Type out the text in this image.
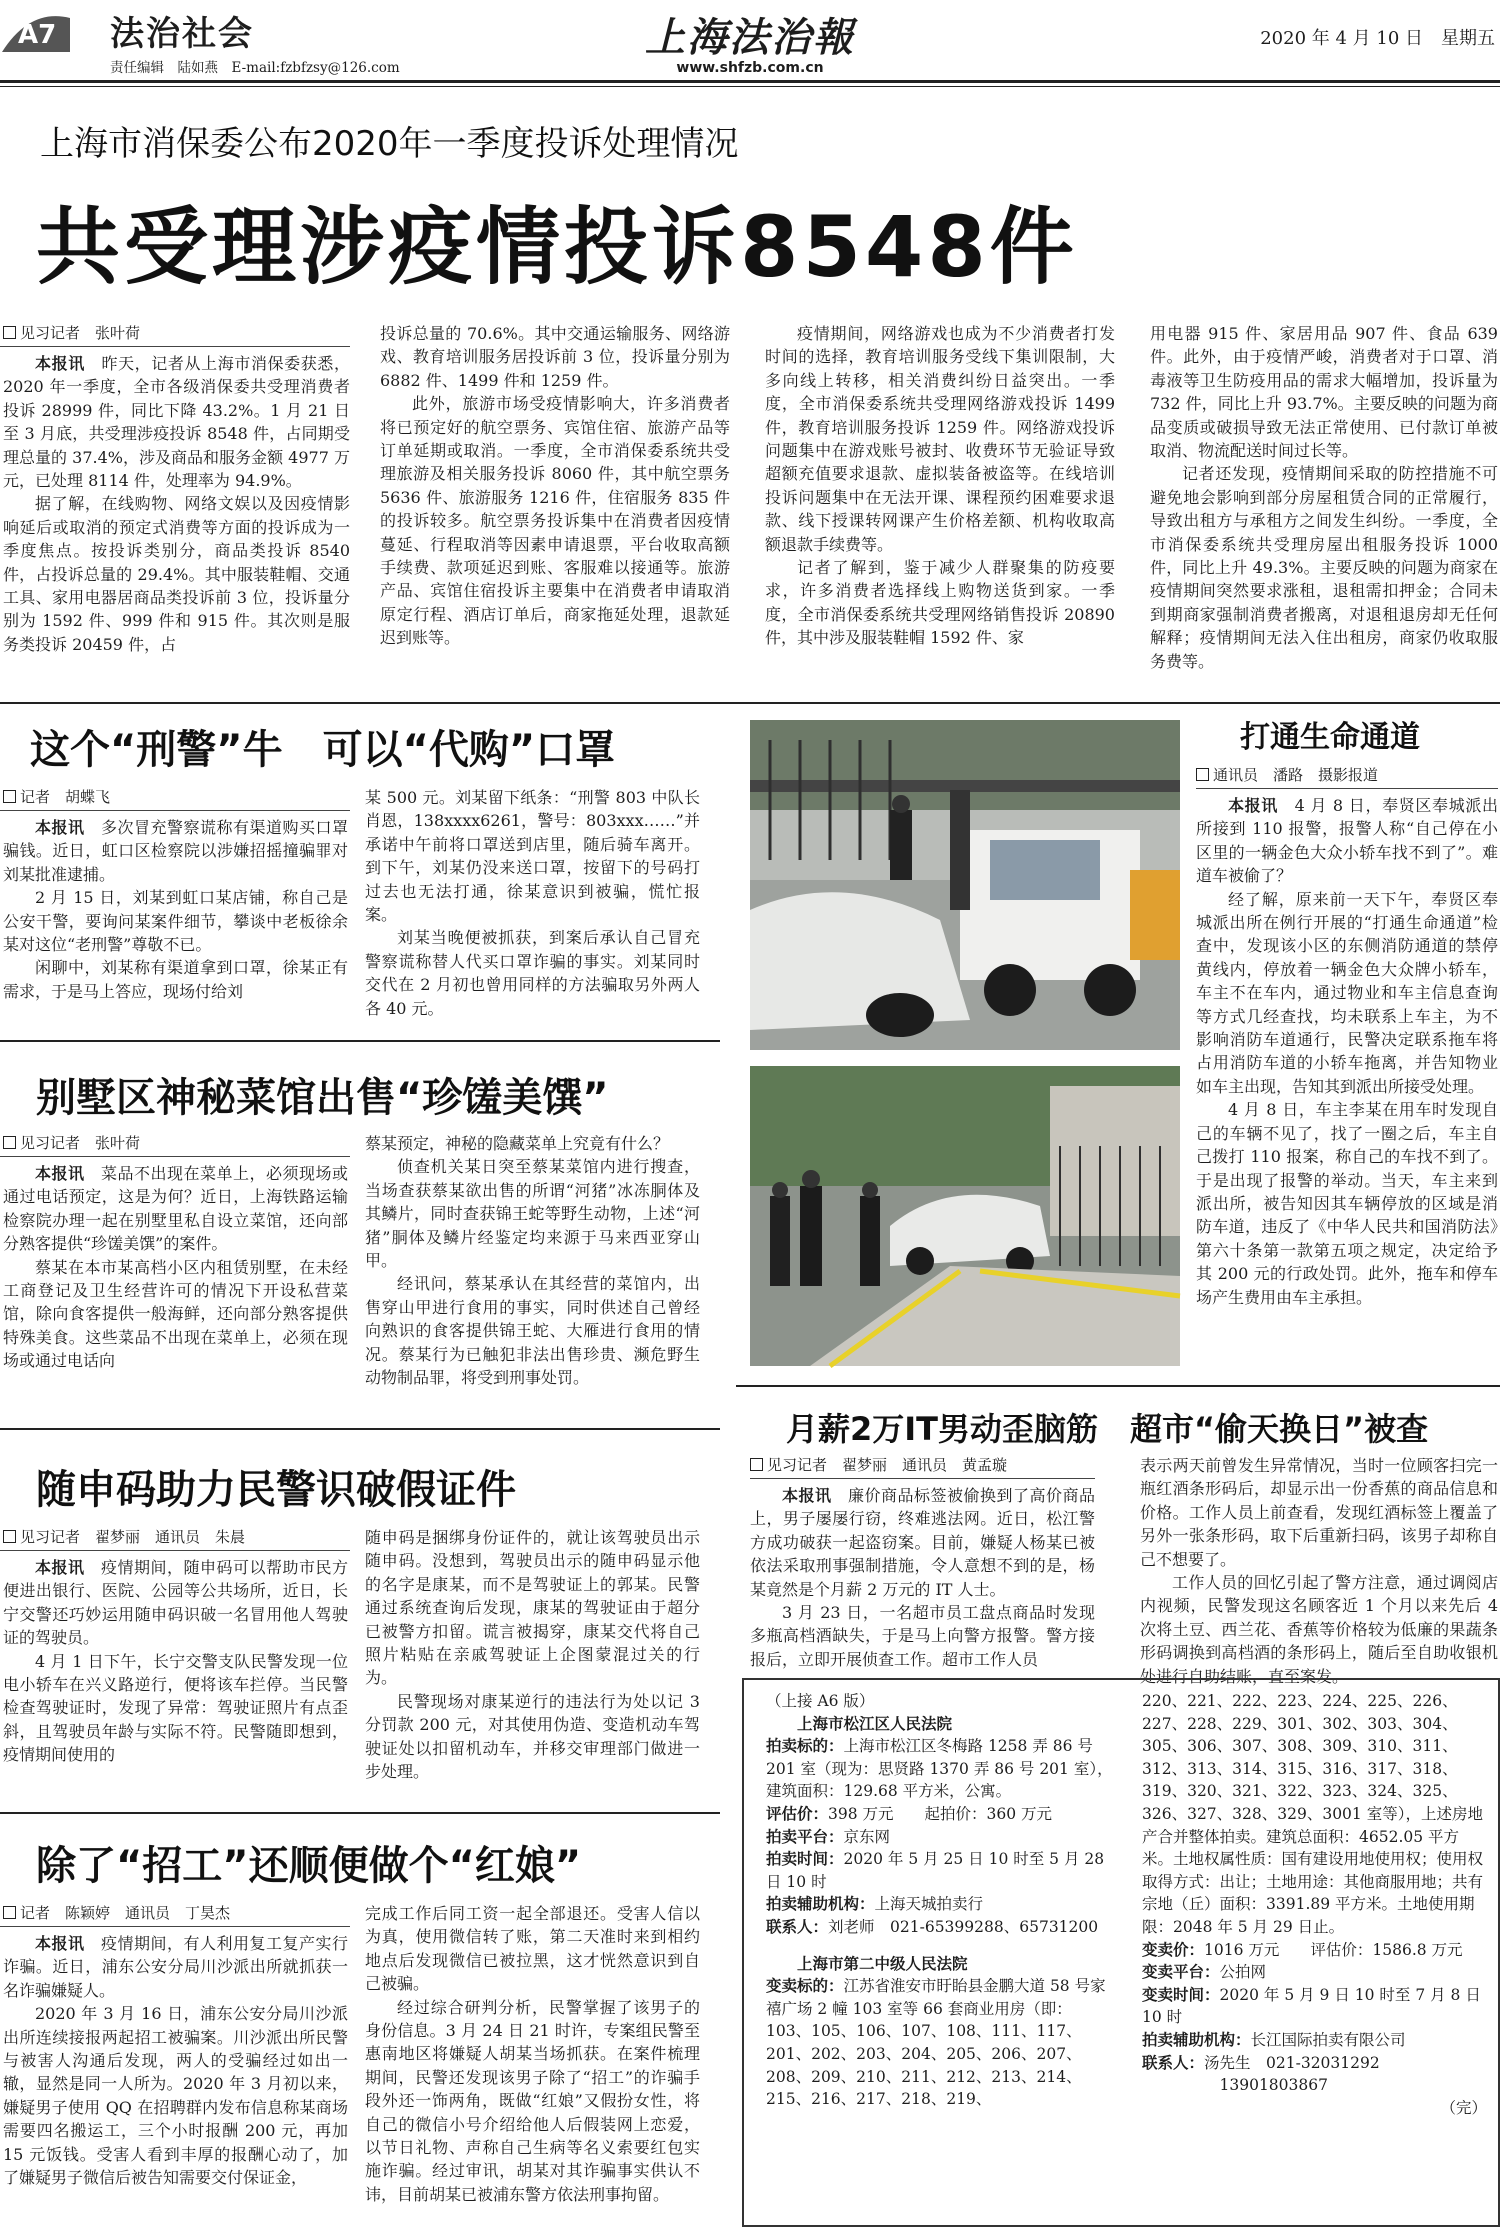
A7 法治社会
责任编辑　陆如燕　E-mail:fzbfzsy@126.com
上海法治報
www.shfzb.com.cn
2020 年 4 月 10 日　星期五
上海市消保委公布2020年一季度投诉处理情况
共受理涉疫情投诉8548件
见习记者　张叶荷

本报讯　昨天，记者从上海市消保委获悉，2020 年一季度，全市各级消保委共受理消费者投诉 28999 件，同比下降 43.2%。1 月 21 日至 3 月底，共受理涉疫投诉 8548 件，占同期受理总量的 37.4%，涉及商品和服务金额 4977 万元，已处理 8114 件，处理率为 94.9%。

据了解，在线购物、网络文娱以及因疫情影响延后或取消的预定式消费等方面的投诉成为一季度焦点。按投诉类别分，商品类投诉 8540 件，占投诉总量的 29.4%。其中服装鞋帽、交通工具、家用电器居商品类投诉前 3 位，投诉量分别为 1592 件、999 件和 915 件。其次则是服务类投诉 20459 件，占

投诉总量的 70.6%。其中交通运输服务、网络游戏、教育培训服务居投诉前 3 位，投诉量分别为 6882 件、1499 件和 1259 件。

此外，旅游市场受疫情影响大，许多消费者将已预定好的航空票务、宾馆住宿、旅游产品等订单延期或取消。一季度，全市消保委系统共受理旅游及相关服务投诉 8060 件，其中航空票务 5636 件、旅游服务 1216 件，住宿服务 835 件的投诉较多。航空票务投诉集中在消费者因疫情蔓延、行程取消等因素申请退票，平台收取高额手续费、款项延迟到账、客服难以接通等。旅游产品、宾馆住宿投诉主要集中在消费者申请取消原定行程、酒店订单后，商家拖延处理，退款延迟到账等。

疫情期间，网络游戏也成为不少消费者打发时间的选择，教育培训服务受线下集训限制，大多向线上转移，相关消费纠纷日益突出。一季度，全市消保委系统共受理网络游戏投诉 1499 件，教育培训服务投诉 1259 件。网络游戏投诉问题集中在游戏账号被封、收费环节无验证导致超额充值要求退款、虚拟装备被盗等。在线培训投诉问题集中在无法开课、课程预约困难要求退款、线下授课转网课产生价格差额、机构收取高额退款手续费等。

记者了解到，鉴于减少人群聚集的防疫要求，许多消费者选择线上购物送货到家。一季度，全市消保委系统共受理网络销售投诉 20890 件，其中涉及服装鞋帽 1592 件、家

用电器 915 件、家居用品 907 件、食品 639 件。此外，由于疫情严峻，消费者对于口罩、消毒液等卫生防疫用品的需求大幅增加，投诉量为 732 件，同比上升 93.7%。主要反映的问题为商品变质或破损导致无法正常使用、已付款订单被取消、物流配送时间过长等。

记者还发现，疫情期间采取的防控措施不可避免地会影响到部分房屋租赁合同的正常履行，导致出租方与承租方之间发生纠纷。一季度，全市消保委系统共受理房屋出租服务投诉 1000 件，同比上升 49.3%。主要反映的问题为商家在疫情期间突然要求涨租，退租需扣押金；合同未到期商家强制消费者搬离，对退租退房却无任何解释；疫情期间无法入住出租房，商家仍收取服务费等。

这个“刑警”牛　可以“代购”口罩
记者　胡蝶飞

本报讯　多次冒充警察谎称有渠道购买口罩骗钱。近日，虹口区检察院以涉嫌招摇撞骗罪对刘某批准逮捕。

2 月 15 日，刘某到虹口某店铺，称自己是公安干警，要询问某案件细节，攀谈中老板徐余某对这位“老刑警”尊敬不已。

闲聊中，刘某称有渠道拿到口罩，徐某正有需求，于是马上答应，现场付给刘

某 500 元。刘某留下纸条：“刑警 803 中队长肖恩，138xxxx6261，警号：803xxx……”并承诺中午前将口罩送到店里，随后骑车离开。到下午，刘某仍没来送口罩，按留下的号码打过去也无法打通，徐某意识到被骗，慌忙报案。

刘某当晚便被抓获，到案后承认自己冒充警察谎称替人代买口罩诈骗的事实。刘某同时交代在 2 月初也曾用同样的方法骗取另外两人各 40 元。

别墅区神秘菜馆出售“珍馐美馔”
见习记者　张叶荷

本报讯　菜品不出现在菜单上，必须现场或通过电话预定，这是为何？近日，上海铁路运输检察院办理一起在别墅里私自设立菜馆，还向部分熟客提供“珍馐美馔”的案件。

蔡某在本市某高档小区内租赁别墅，在未经工商登记及卫生经营许可的情况下开设私营菜馆，除向食客提供一般海鲜，还向部分熟客提供特殊美食。这些菜品不出现在菜单上，必须在现场或通过电话向

蔡某预定，神秘的隐藏菜单上究竟有什么？

侦查机关某日突至蔡某菜馆内进行搜查，当场查获蔡某欲出售的所谓“河猪”冰冻胴体及其鳞片，同时查获锦王蛇等野生动物，上述“河猪”胴体及鳞片经鉴定均来源于马来西亚穿山甲。

经讯问，蔡某承认在其经营的菜馆内，出售穿山甲进行食用的事实，同时供述自己曾经向熟识的食客提供锦王蛇、大雁进行食用的情况。蔡某行为已触犯非法出售珍贵、濒危野生动物制品罪，将受到刑事处罚。

随申码助力民警识破假证件
见习记者　翟梦丽　通讯员　朱晨

本报讯　疫情期间，随申码可以帮助市民方便进出银行、医院、公园等公共场所，近日，长宁交警还巧妙运用随申码识破一名冒用他人驾驶证的驾驶员。

4 月 1 日下午，长宁交警支队民警发现一位电小轿车在兴义路逆行，便将该车拦停。当民警检查驾驶证时，发现了异常：驾驶证照片有点歪斜，且驾驶员年龄与实际不符。民警随即想到，疫情期间使用的

随申码是捆绑身份证件的，就让该驾驶员出示随申码。没想到，驾驶员出示的随申码显示他的名字是康某，而不是驾驶证上的郭某。民警通过系统查询后发现，康某的驾驶证由于超分已被警方扣留。谎言被揭穿，康某交代将自己照片粘贴在亲戚驾驶证上企图蒙混过关的行为。

民警现场对康某逆行的违法行为处以记 3 分罚款 200 元，对其使用伪造、变造机动车驾驶证处以扣留机动车，并移交审理部门做进一步处理。

除了“招工”还顺便做个“红娘”
记者　陈颖婷　通讯员　丁昊杰

本报讯　疫情期间，有人利用复工复产实行诈骗。近日，浦东公安分局川沙派出所就抓获一名诈骗嫌疑人。

2020 年 3 月 16 日，浦东公安分局川沙派出所连续接报两起招工被骗案。川沙派出所民警与被害人沟通后发现，两人的受骗经过如出一辙，显然是同一人所为。2020 年 3 月初以来，嫌疑男子使用 QQ 在招聘群内发布信息称某商场需要四名搬运工，三个小时报酬 200 元，再加 15 元饭钱。受害人看到丰厚的报酬心动了，加了嫌疑男子微信后被告知需要交付保证金，

完成工作后同工资一起全部退还。受害人信以为真，使用微信转了账，第二天准时来到相约地点后发现微信已被拉黑，这才恍然意识到自己被骗。

经过综合研判分析，民警掌握了该男子的身份信息。3 月 24 日 21 时许，专案组民警至惠南地区将嫌疑人胡某当场抓获。在案件梳理期间，民警还发现该男子除了“招工”的诈骗手段外还一饰两角，既做“红娘”又假扮女性，将自己的微信小号介绍给他人后假装网上恋爱，以节日礼物、声称自己生病等名义索要红包实施诈骗。经过审讯，胡某对其诈骗事实供认不讳，目前胡某已被浦东警方依法刑事拘留。

打通生命通道
通讯员　潘路　摄影报道

本报讯　4 月 8 日，奉贤区奉城派出所接到 110 报警，报警人称“自己停在小区里的一辆金色大众小轿车找不到了”。难道车被偷了？

经了解，原来前一天下午，奉贤区奉城派出所在例行开展的“打通生命通道”检查中，发现该小区的东侧消防通道的禁停黄线内，停放着一辆金色大众牌小轿车，车主不在车内，通过物业和车主信息查询等方式几经查找，均未联系上车主，为不影响消防车道通行，民警决定联系拖车将占用消防车道的小轿车拖离，并告知物业如车主出现，告知其到派出所接受处理。

4 月 8 日，车主李某在用车时发现自己的车辆不见了，找了一圈之后，车主自己拨打 110 报案，称自己的车找不到了。于是出现了报警的举动。当天，车主来到派出所，被告知因其车辆停放的区域是消防车道，违反了《中华人民共和国消防法》第六十条第一款第五项之规定，决定给予其 200 元的行政处罚。此外，拖车和停车场产生费用由车主承担。

月薪2万IT男动歪脑筋　超市“偷天换日”被查
见习记者　翟梦丽　通讯员　黄孟璇

本报讯　廉价商品标签被偷换到了高价商品上，男子屡屡行窃，终难逃法网。近日，松江警方成功破获一起盗窃案。目前，嫌疑人杨某已被依法采取刑事强制措施，令人意想不到的是，杨某竟然是个月薪 2 万元的 IT 人士。

3 月 23 日，一名超市员工盘点商品时发现多瓶高档酒缺失，于是马上向警方报警。警方接报后，立即开展侦查工作。超市工作人员

表示两天前曾发生异常情况，当时一位顾客扫完一瓶红酒条形码后，却显示出一份香蕉的商品信息和价格。工作人员上前查看，发现红酒标签上覆盖了另外一张条形码，取下后重新扫码，该男子却称自己不想要了。

工作人员的回忆引起了警方注意，通过调阅店内视频，民警发现这名顾客近 1 个月以来先后 4 次将土豆、西兰花、香蕉等价格较为低廉的果蔬条形码调换到高档酒的条形码上，随后至自助收银机处进行自助结账，直至案发。

（上接 A6 版）
上海市松江区人民法院
拍卖标的：上海市松江区冬梅路 1258 弄 86 号 201 室（现为：思贤路 1370 弄 86 号 201 室），建筑面积：129.68 平方米，公寓。
评估价：398 万元　　起拍价：360 万元
拍卖平台：京东网
拍卖时间：2020 年 5 月 25 日 10 时至 5 月 28 日 10 时
拍卖辅助机构：上海天城拍卖行
联系人：刘老师　021-65399288、65731200
上海市第二中级人民法院
变卖标的：江苏省淮安市盱眙县金鹏大道 58 号家禧广场 2 幢 103 室等 66 套商业用房（即：103、105、106、107、108、111、117、201、202、203、204、205、206、207、208、209、210、211、212、213、214、215、216、217、218、219、
220、221、222、223、224、225、226、227、228、229、301、302、303、304、305、306、307、308、309、310、311、312、313、314、315、316、317、318、319、320、321、322、323、324、325、326、327、328、329、3001 室等），上述房地产合并整体拍卖。建筑总面积：4652.05 平方米。土地权属性质：国有建设用地使用权；使用权取得方式：出让；土地用途：其他商服用地；共有宗地（丘）面积：3391.89 平方米。土地使用期限：2048 年 5 月 29 日止。
变卖价：1016 万元　　评估价：1586.8 万元
变卖平台：公拍网
变卖时间：2020 年 5 月 9 日 10 时至 7 月 8 日 10 时
拍卖辅助机构：长江国际拍卖有限公司
联系人：汤先生　021-32031292
　　　　　13901803867
（完）
